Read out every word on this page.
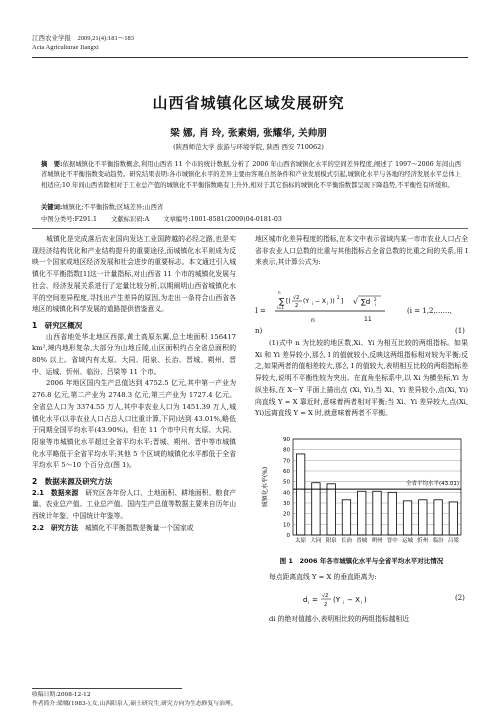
江西农业学报　2009,21(4):181～183
Acta Agriculturae Jiangxi
山西省城镇化区域发展研究
梁 娜, 肖 玲, 张素娟, 张耀华, 关帅朋
(陕西师范大学 旅游与环境学院, 陕西 西安 710062)
摘　要:依据城镇化不平衡指数概念,利用山西省 11 个市的统计数据,分析了 2006 年山西省城镇化水平的空间差异程度,阐述了 1997～2006 年间山西省城镇化不平衡指数变动趋势。研究结果表明:各市城镇化水平的差异主要由客观自然条件和产业发展模式引起,城镇化水平与各地的经济发展水平总体上相适应;10 年间山西省除相对于工业总产值的城镇化不平衡指数略有上升外,相对于其它指标的城镇化不平衡指数都呈现下降趋势,不平衡性有所缓和。
关键词:城镇化;不平衡指数;区域差异;山西省
中图分类号:F291.1 文献标识码:A 文章编号:1001-8581(2009)04-0181-03
城镇化是完成落后农业国向发达工业国跨越的必经之路,也是实现经济结构优化和产业结构提升的重要途径,而城镇化水平则成为反映一个国家或地区经济发展和社会进步的重要标志。本文通过引入城镇化不平衡指数[1]这一计量指标,对山西省 11 个市的城镇化发展与社会、经济发展关系进行了定量比较分析,以期阐明山西省城镇化水平的空间差异程度,寻找出产生差异的原因,为走出一条符合山西省各地区的城镇化科学发展的道路提供借鉴意义。
1　研究区概况
山西省地处华北地区西部,黄土高原东翼,总土地面积 156417 km²,境内地形复杂,大部分为山地丘陵,山区面积约占全省总面积的 80% 以上。省域内有太原、大同、阳泉、长治、晋城、朔州、晋中、运城、忻州、临汾、吕梁等 11 个市。
2006 年地区国内生产总值达到 4752.5 亿元,其中第一产业为 276.8 亿元,第二产业为 2748.3 亿元,第三产业为 1727.4 亿元。全省总人口为 3374.55 万人,其中非农业人口为 1451.39 万人,城镇化水平(以非农业人口占总人口比重计算,下同)达到 43.01%,略低于同期全国平均水平(43.90%)。但在 11 个市中只有太原、大同、阳泉等市城镇化水平超过全省平均水平;晋城、朔州、晋中等市城镇化水平略低于全省平均水平;其他 5 个区域的城镇化水平都低于全省平均水平 5～10 个百分点(图 1)。
2　数据来源及研究方法
2.1　数据来源　 研究区各年份人口、土地面积、耕地面积、粮食产量、农业总产值、工业总产值、国内生产总值等数据主要来自历年山西统计年鉴、中国统计年鉴等。
2.2　研究方法　 城镇化不平衡指数是衡量一个国家或
地区城市化差异程度的指标,在本文中表示省域内某一市市农业人口占全省非农业人口总数的比重与其他指标占全省总数的比重之间的关系,用 I 来表示,其计算公式为:
I =
∑
n
i=1
[( √2
2
(Y i − X i ))
2
]
n
√ ∑d 2
i
11
(i = 1,2,……,
n)	(1)
(1)式中 n 为比较的地区数,Xi、Yi 为相互比较的两组指标。如果 Xi 和 Yi 差异较小,那么 I 的值就较小,反映这两组指标相对较为平衡;反之,如果两者的值相差较大,那么 I 的值较大,表明相互比较的两组指标差异较大,说明不平衡性较为突出。在直角坐标系中,以 Xi 为横坐标,Yi 为纵坐标,在 X－Y 平面上描出点 (Xi, Yi),当 Xi、Yi 差异较小,点(Xi, Yi)向直线 Y = X 靠近时,意味着两者相对平衡;当 Xi、Yi 差异较大,点(Xi, Yi)远离直线 Y = X 时,就意味着两者不平衡。
0
10
20
30
40
50
60
70
80
90
太原 大同 阳泉 长治 晋城 朔州 晋中 运城 忻州 临汾 吕梁
全省平均水平(43.01)
城镇化水平(%)
图 1　2006 年各市城镇化水平与全省平均水平对比情况
每点距离直线 Y = X 的垂直距离为:
d i = √2
2
(Y i − X i )	(2)
di 的绝对值越小,表明相比较的两组指标越相近
收稿日期:2008-12-12
作者简介:梁娜(1983-),女,山西阳泉人,硕士研究生,研究方向为生态修复与治理。
